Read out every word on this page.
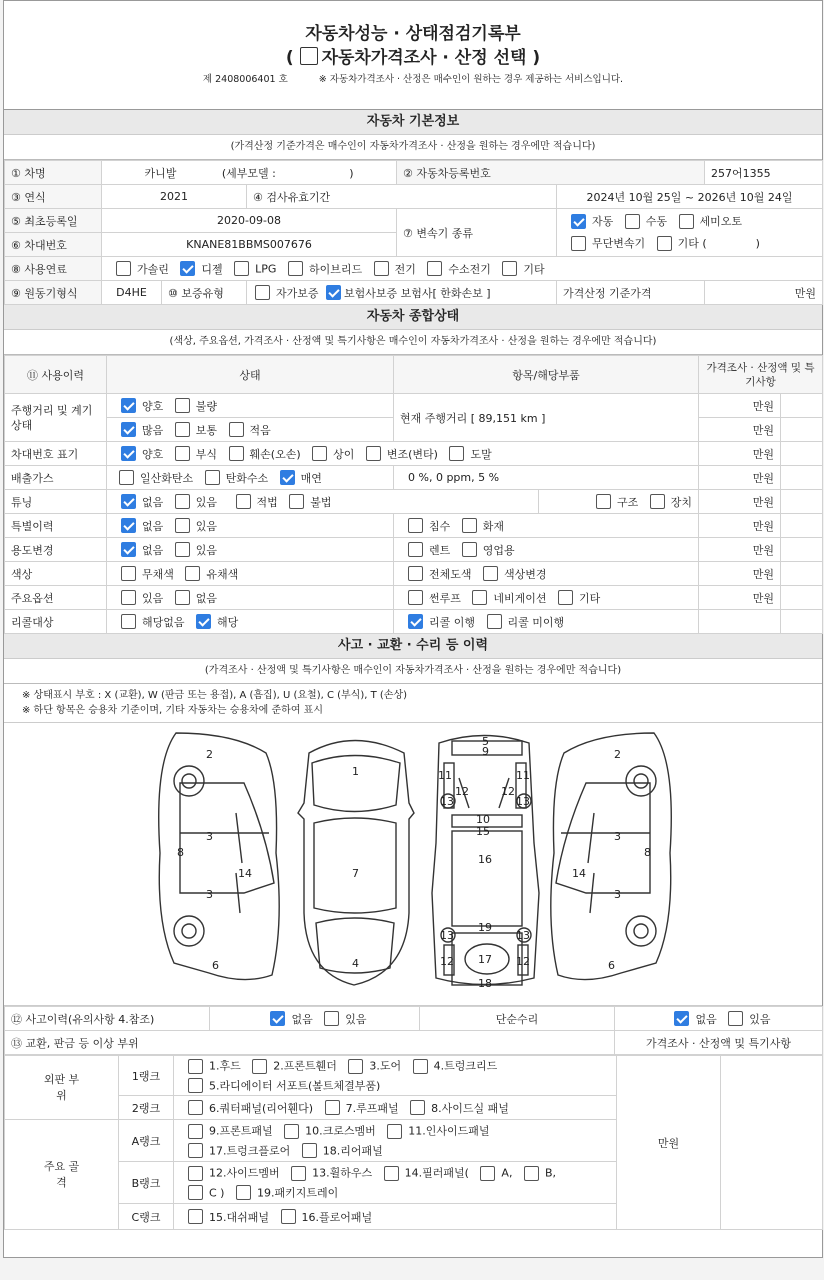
자동차성능 · 상태점검기록부
( 자동차가격조사 · 산정 선택 )
제 2408006401 호	※ 자동차가격조사 · 산정은 매수인이 원하는 경우 제공하는 서비스입니다.
자동차 기본정보
(가격산정 기준가격은 매수인이 자동차가격조사 · 산정을 원하는 경우에만 적습니다)
① 차명	카니발 (세부모델 : )			② 자동차등록번호		257어1355
③ 연식	2021		④ 검사유효기간		2024년 10월 25일 ~ 2026년 10월 24일	
⑤ 최초등록일	2020-09-08			⑦ 변속기 종류	자동 수동 세미오토
무단변속기 기타 ( )	
⑥ 차대번호	KNANE81BBMS007676					
⑧ 사용연료	가솔린 디젤 LPG 하이브리드 전기 수소전기 기타					
⑨ 원동기형식	D4HE	⑩ 보증유형	자가보증 보험사보증 보험사[ 한화손보 ]		가격산정 기준가격	만원
자동차 종합상태
(색상, 주요옵션, 가격조사 · 산정액 및 특기사항은 매수인이 자동차가격조사 · 산정을 원하는 경우에만 적습니다)
⑪ 사용이력	상태	항목/해당부품		가격조사 · 산정액 및 특기사항	
주행거리 및 계기상태	양호 불량	현재 주행거리 [ 89,151 km ]		만원	
	많음 보통 적음			만원	
차대번호 표기	양호 부식 훼손(오손) 상이 변조(변타) 도말			만원	
배출가스	일산화탄소 탄화수소 매연	0 %, 0 ppm, 5 %		만원	
튜닝	없음 있음 적법 불법		구조 장치	만원	
특별이력	없음 있음	침수 화재		만원	
용도변경	없음 있음	렌트 영업용		만원	
색상	무채색 유채색	전체도색 색상변경		만원	
주요옵션	있음 없음	썬루프 네비게이션 기타		만원	
리콜대상	해당없음 해당	리콜 이행 리콜 미이행			
사고 · 교환 · 수리 등 이력
(가격조사 · 산정액 및 특기사항은 매수인이 자동차가격조사 · 산정을 원하는 경우에만 적습니다)
※ 상태표시 부호 : X (교환), W (판금 또는 용접), A (흠집), U (요철), C (부식), T (손상)
※ 하단 항목은 승용차 기준이며, 기타 자동차는 승용차에 준하여 표시
2
3
3
8
14
6
1
7
4
5
9
11	11
12	12
13	13
10
15
16
19
13	13
12	12
17
18
2
3
3
8
14
6
⑫ 사고이력(유의사항 4.참조)	없음 있음	단순수리	없음 있음
⑬ 교환, 판금 등 이상 부위			가격조사 · 산정액 및 특기사항
외판 부위	1랭크	1.후드 2.프론트휀더 3.도어 4.트렁크리드
5.라디에이터 서포트(볼트체결부품)	만원	
	2랭크	6.쿼터패널(리어휀다) 7.루프패널 8.사이드실 패널		
주요 골격	A랭크	9.프론트패널 10.크로스멤버 11.인사이드패널
17.트렁크플로어 18.리어패널		
	B랭크	12.사이드멤버 13.휠하우스 14.필러패널( A, B,
C ) 19.패키지트레이		
	C랭크	15.대쉬패널 16.플로어패널		
